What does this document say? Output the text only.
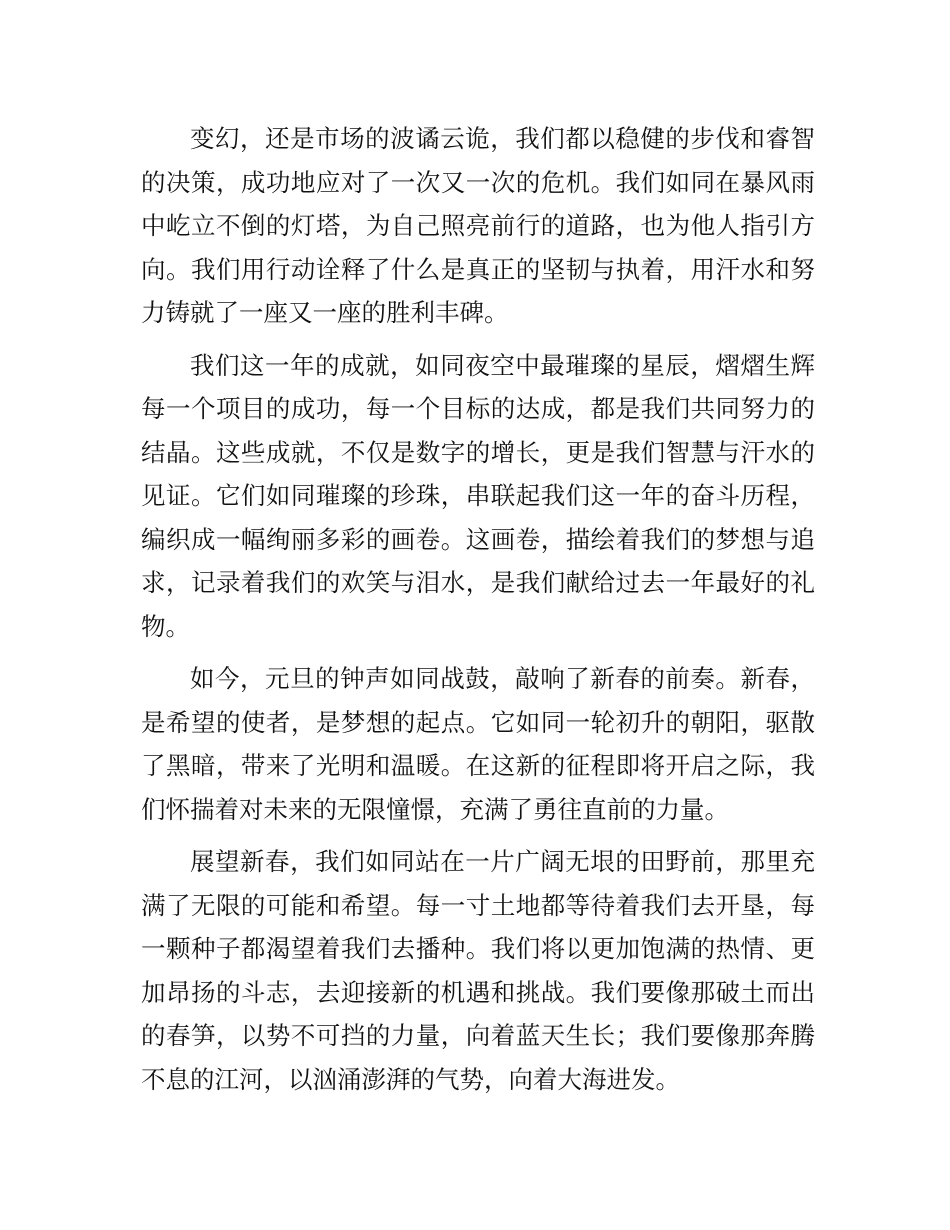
变幻，还是市场的波谲云诡，我们都以稳健的步伐和睿智的决策，成功地应对了一次又一次的危机。我们如同在暴风雨中屹立不倒的灯塔，为自己照亮前行的道路，也为他人指引方向。我们用行动诠释了什么是真正的坚韧与执着，用汗水和努力铸就了一座又一座的胜利丰碑。

我们这一年的成就，如同夜空中最璀璨的星辰，熠熠生辉每一个项目的成功，每一个目标的达成，都是我们共同努力的结晶。这些成就，不仅是数字的增长，更是我们智慧与汗水的见证。它们如同璀璨的珍珠，串联起我们这一年的奋斗历程，编织成一幅绚丽多彩的画卷。这画卷，描绘着我们的梦想与追求，记录着我们的欢笑与泪水，是我们献给过去一年最好的礼物。

如今，元旦的钟声如同战鼓，敲响了新春的前奏。新春，是希望的使者，是梦想的起点。它如同一轮初升的朝阳，驱散了黑暗，带来了光明和温暖。在这新的征程即将开启之际，我们怀揣着对未来的无限憧憬，充满了勇往直前的力量。

展望新春，我们如同站在一片广阔无垠的田野前，那里充满了无限的可能和希望。每一寸土地都等待着我们去开垦，每一颗种子都渴望着我们去播种。我们将以更加饱满的热情、更加昂扬的斗志，去迎接新的机遇和挑战。我们要像那破土而出的春笋，以势不可挡的力量，向着蓝天生长；我们要像那奔腾不息的江河，以汹涌澎湃的气势，向着大海进发。
